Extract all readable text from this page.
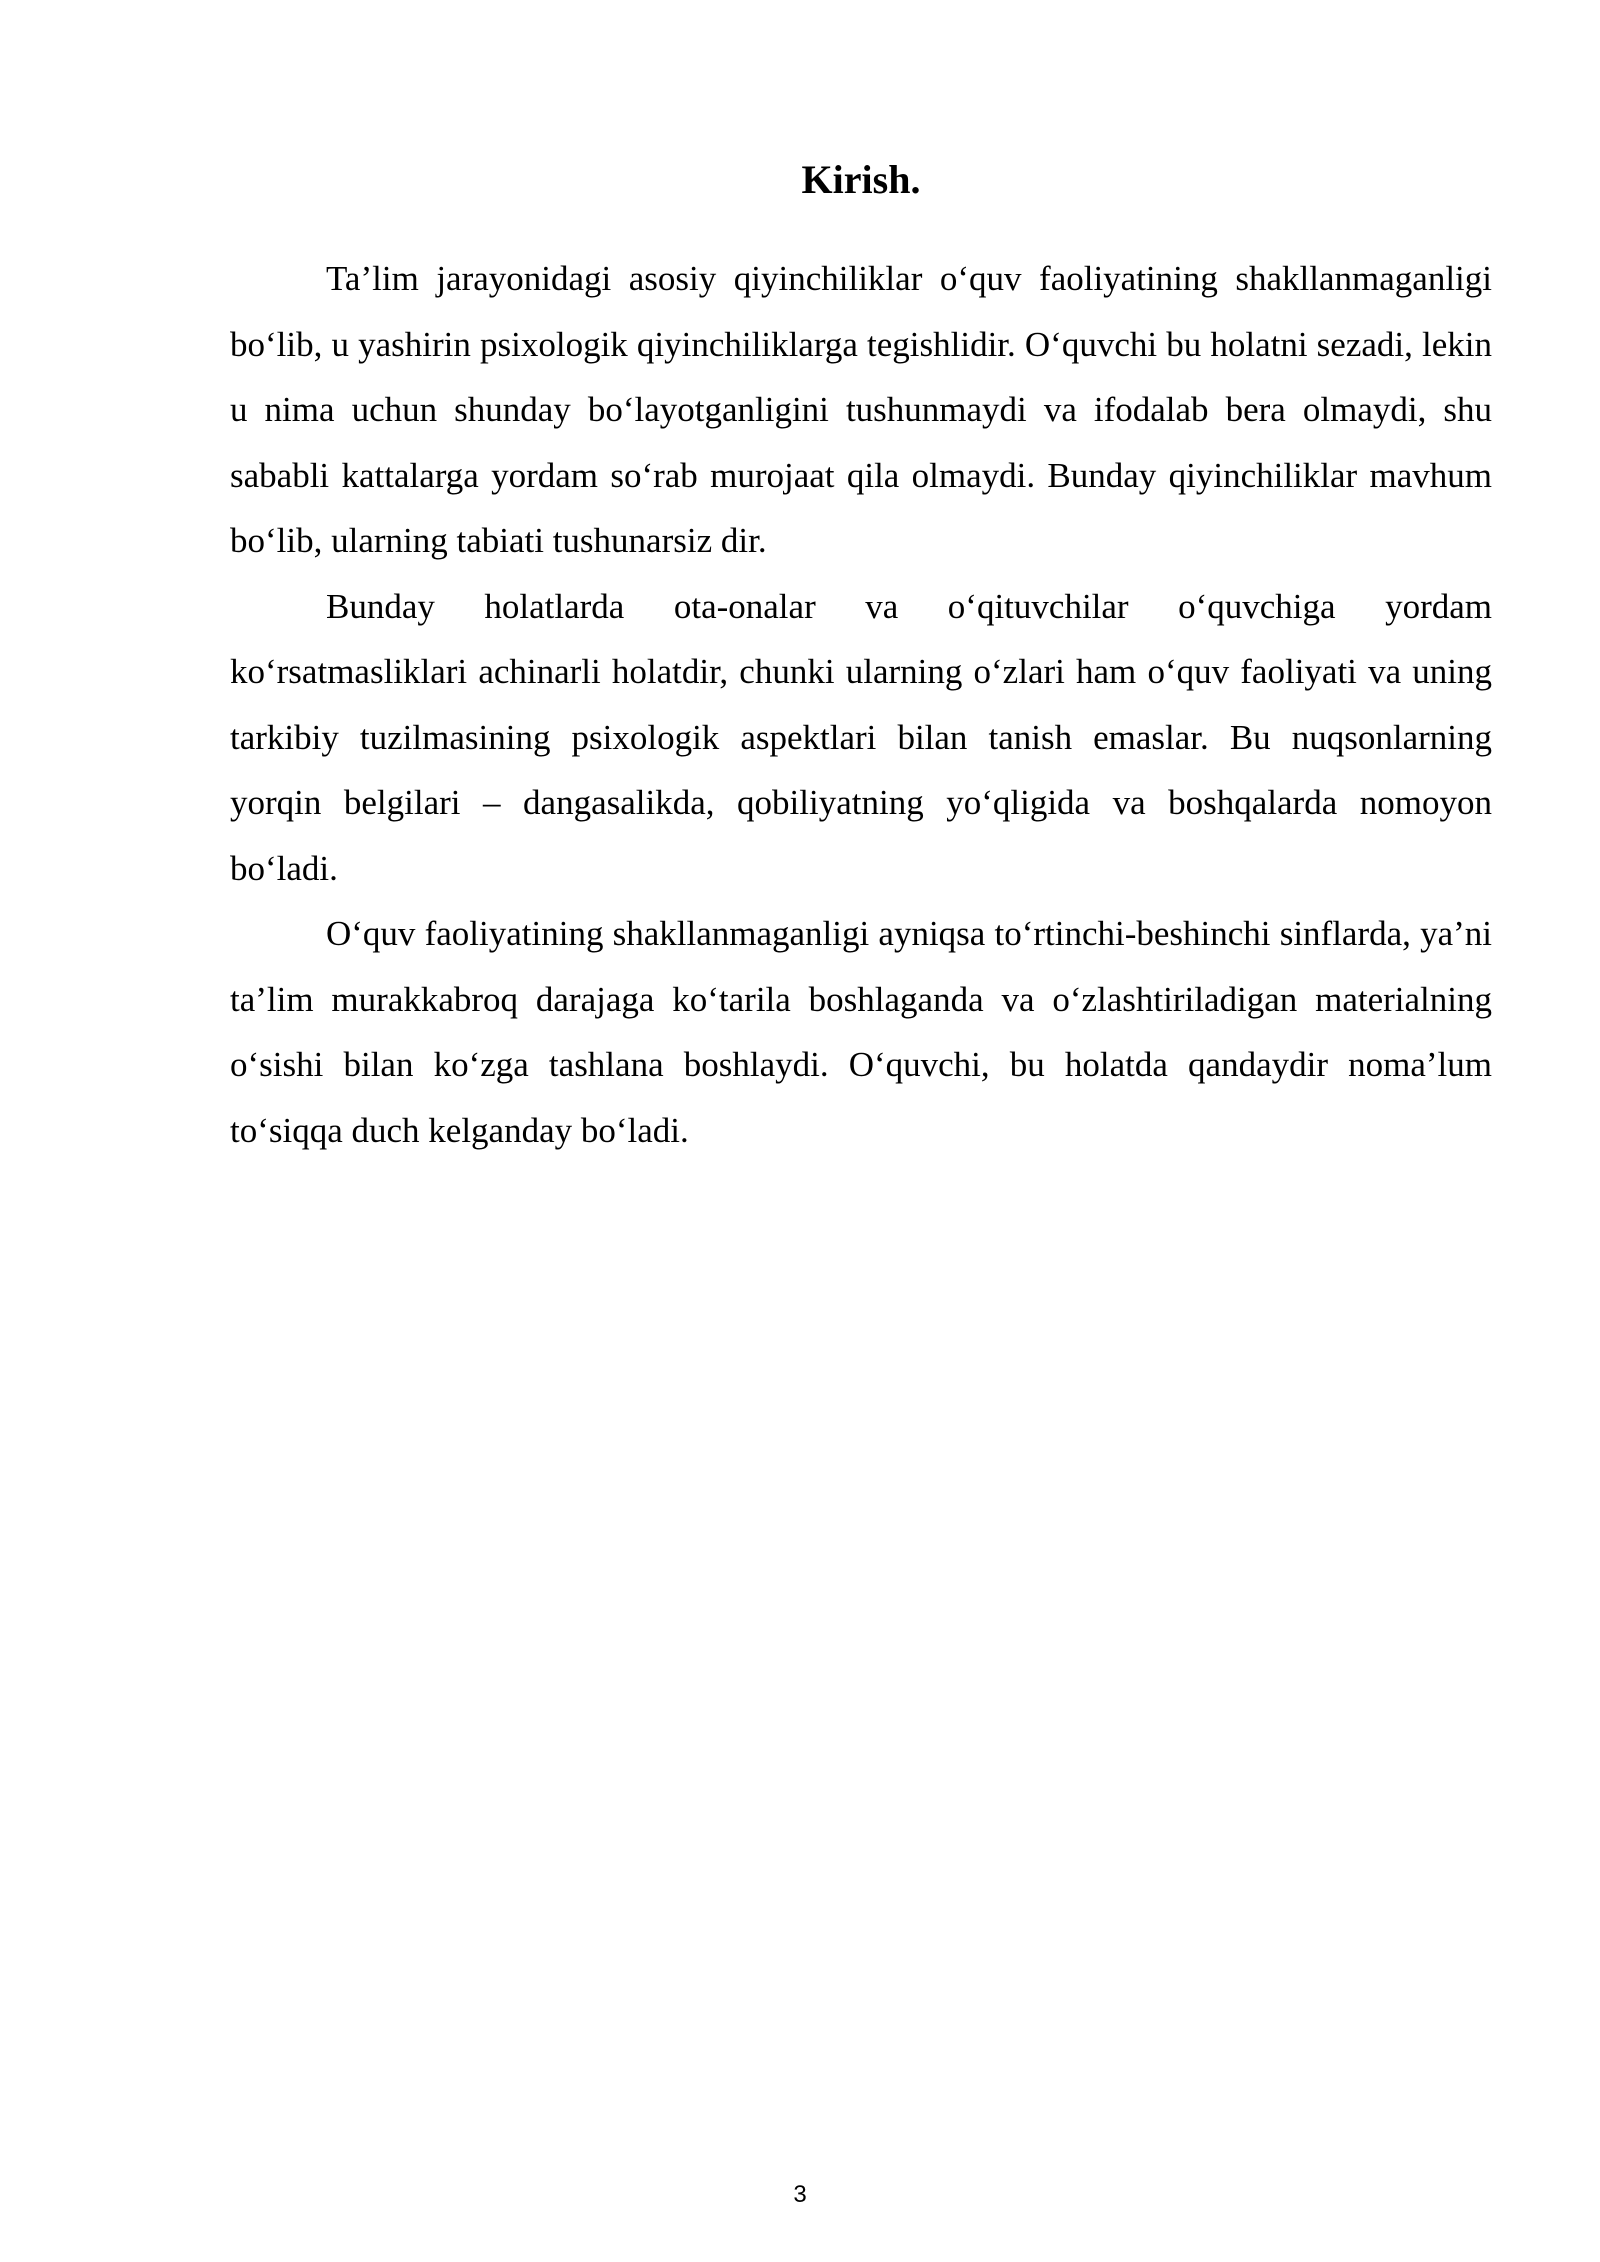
Kirish.

Ta’lim jarayonidagi asosiy qiyinchiliklar o‘quv faoliyatining shakllanmaganligi bo‘lib, u yashirin psixologik qiyinchiliklarga tegishlidir. O‘quvchi bu holatni sezadi, lekin u nima uchun shunday bo‘layotganligini tushunmaydi va ifodalab bera olmaydi, shu sababli kattalarga yordam so‘rab murojaat qila olmaydi. Bunday qiyinchiliklar mavhum bo‘lib, ularning tabiati tushunarsiz dir.

Bunday holatlarda ota-onalar va o‘qituvchilar o‘quvchiga yordam ko‘rsatmasliklari achinarli holatdir, chunki ularning o‘zlari ham o‘quv faoliyati va uning tarkibiy tuzilmasining psixologik aspektlari bilan tanish emaslar. Bu nuqsonlarning yorqin belgilari – dangasalikda, qobiliyatning yo‘qligida va boshqalarda nomoyon bo‘ladi.

O‘quv faoliyatining shakllanmaganligi ayniqsa to‘rtinchi-beshinchi sinflarda, ya’ni ta’lim murakkabroq darajaga ko‘tarila boshlaganda va o‘zlashtiriladigan materialning o‘sishi bilan ko‘zga tashlana boshlaydi. O‘quvchi, bu holatda qandaydir noma’lum to‘siqqa duch kelganday bo‘ladi.

3
